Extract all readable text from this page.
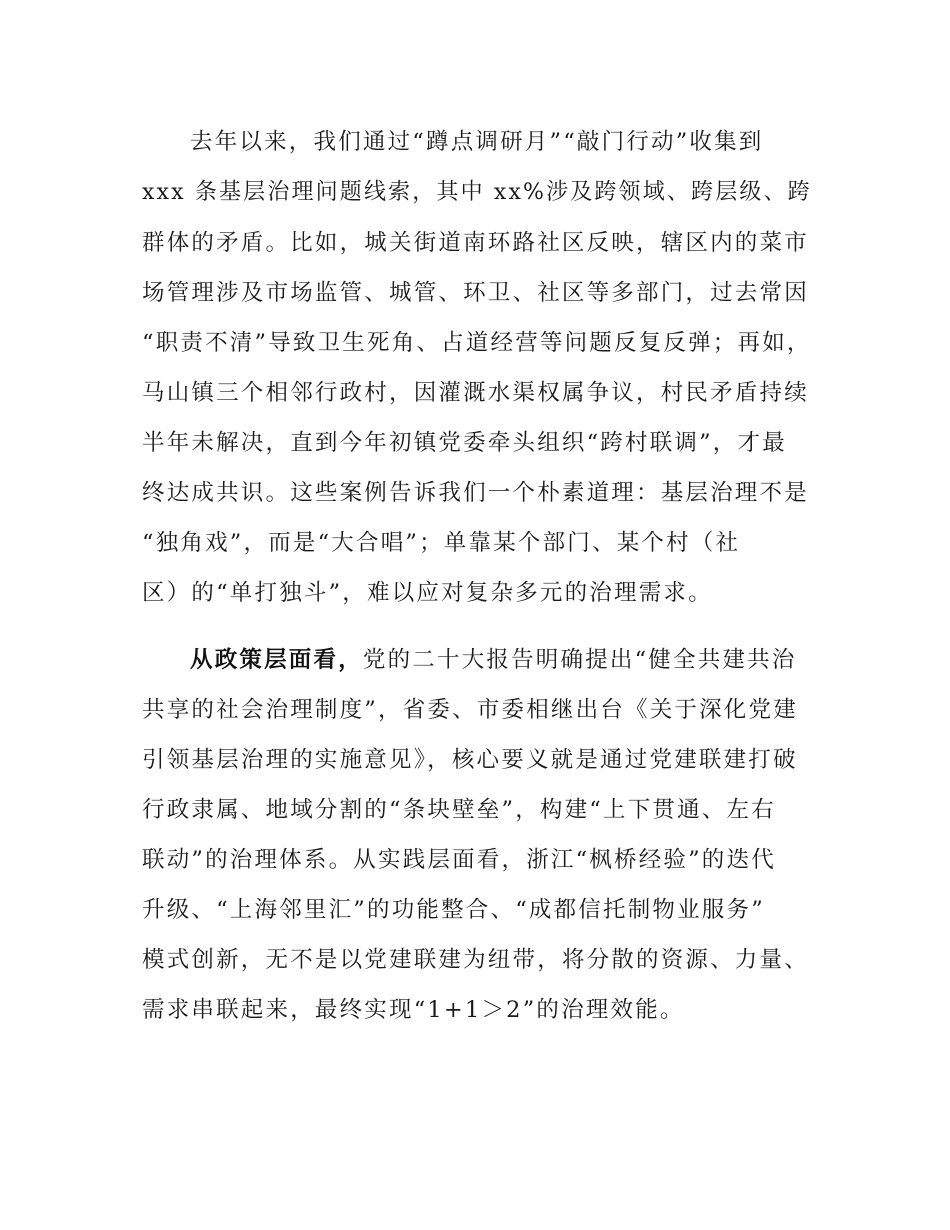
去年以来，我们通过“蹲点调研月”“敲门行动”收集到

xxx 条基层治理问题线索，其中 xx%涉及跨领域、跨层级、跨

群体的矛盾。比如，城关街道南环路社区反映，辖区内的菜市

场管理涉及市场监管、城管、环卫、社区等多部门，过去常因

“职责不清”导致卫生死角、占道经营等问题反复反弹；再如，

马山镇三个相邻行政村，因灌溉水渠权属争议，村民矛盾持续

半年未解决，直到今年初镇党委牵头组织“跨村联调”，才最

终达成共识。这些案例告诉我们一个朴素道理：基层治理不是

“独角戏”，而是“大合唱”；单靠某个部门、某个村（社

区）的“单打独斗”，难以应对复杂多元的治理需求。

从政策层面看，党的二十大报告明确提出“健全共建共治

共享的社会治理制度”，省委、市委相继出台《关于深化党建

引领基层治理的实施意见》，核心要义就是通过党建联建打破

行政隶属、地域分割的“条块壁垒”，构建“上下贯通、左右

联动”的治理体系。从实践层面看，浙江“枫桥经验”的迭代

升级、“上海邻里汇”的功能整合、“成都信托制物业服务”

模式创新，无不是以党建联建为纽带，将分散的资源、力量、

需求串联起来，最终实现“1+1＞2”的治理效能。
